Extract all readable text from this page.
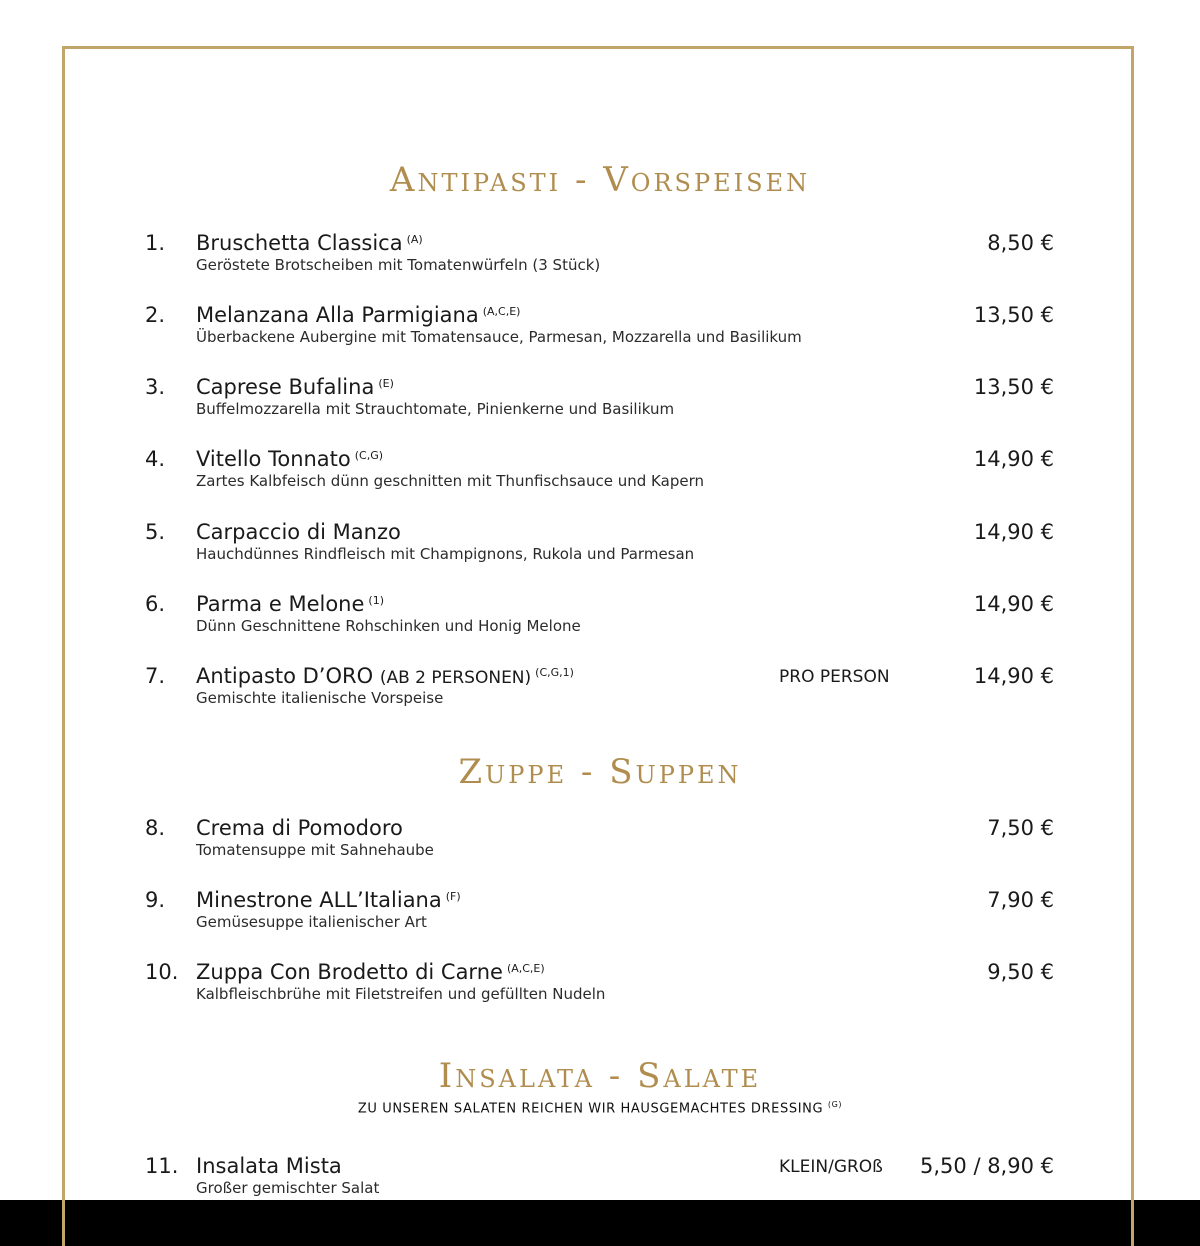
Antipasti - Vorspeisen
1. Bruschetta Classica $^{(A)}$
Geröstete Brotscheiben mit Tomatenwürfeln (3 Stück)
8,50 €
2. Melanzana Alla Parmigiana $^{(A,C,E)}$
Überbackene Aubergine mit Tomatensauce, Parmesan, Mozzarella und Basilikum
13,50 €
3. Caprese Bufalina $^{(E)}$
Buffelmozzarella mit Strauchtomate, Pinienkerne und Basilikum
13,50 €
4. Vitello Tonnato $^{(C,G)}$
Zartes Kalbfeisch dünn geschnitten mit Thunfischsauce und Kapern
14,90 €
5. Carpaccio di Manzo
Hauchdünnes Rindfleisch mit Champignons, Rukola und Parmesan
14,90 €
6. Parma e Melone $^{(1)}$
Dünn Geschnittene Rohschinken und Honig Melone
14,90 €
7. Antipasto D’ORO (AB 2 PERSONEN) $^{(C,G,1)}$
Gemischte italienische Vorspeise
PRO PERSON	14,90 €
Zuppe - Suppen
8. Crema di Pomodoro
Tomatensuppe mit Sahnehaube
7,50 €
9. Minestrone ALL’Italiana $^{(F)}$
Gemüsesuppe italienischer Art
7,90 €
10. Zuppa Con Brodetto di Carne $^{(A,C,E)}$
Kalbfleischbrühe mit Filetstreifen und gefüllten Nudeln
9,50 €
Insalata - Salate
ZU UNSEREN SALATEN REICHEN WIR HAUSGEMACHTES DRESSING $^{(G)}$
11. Insalata Mista
Großer gemischter Salat
KLEIN/GROß 5,50 / 8,90 €
